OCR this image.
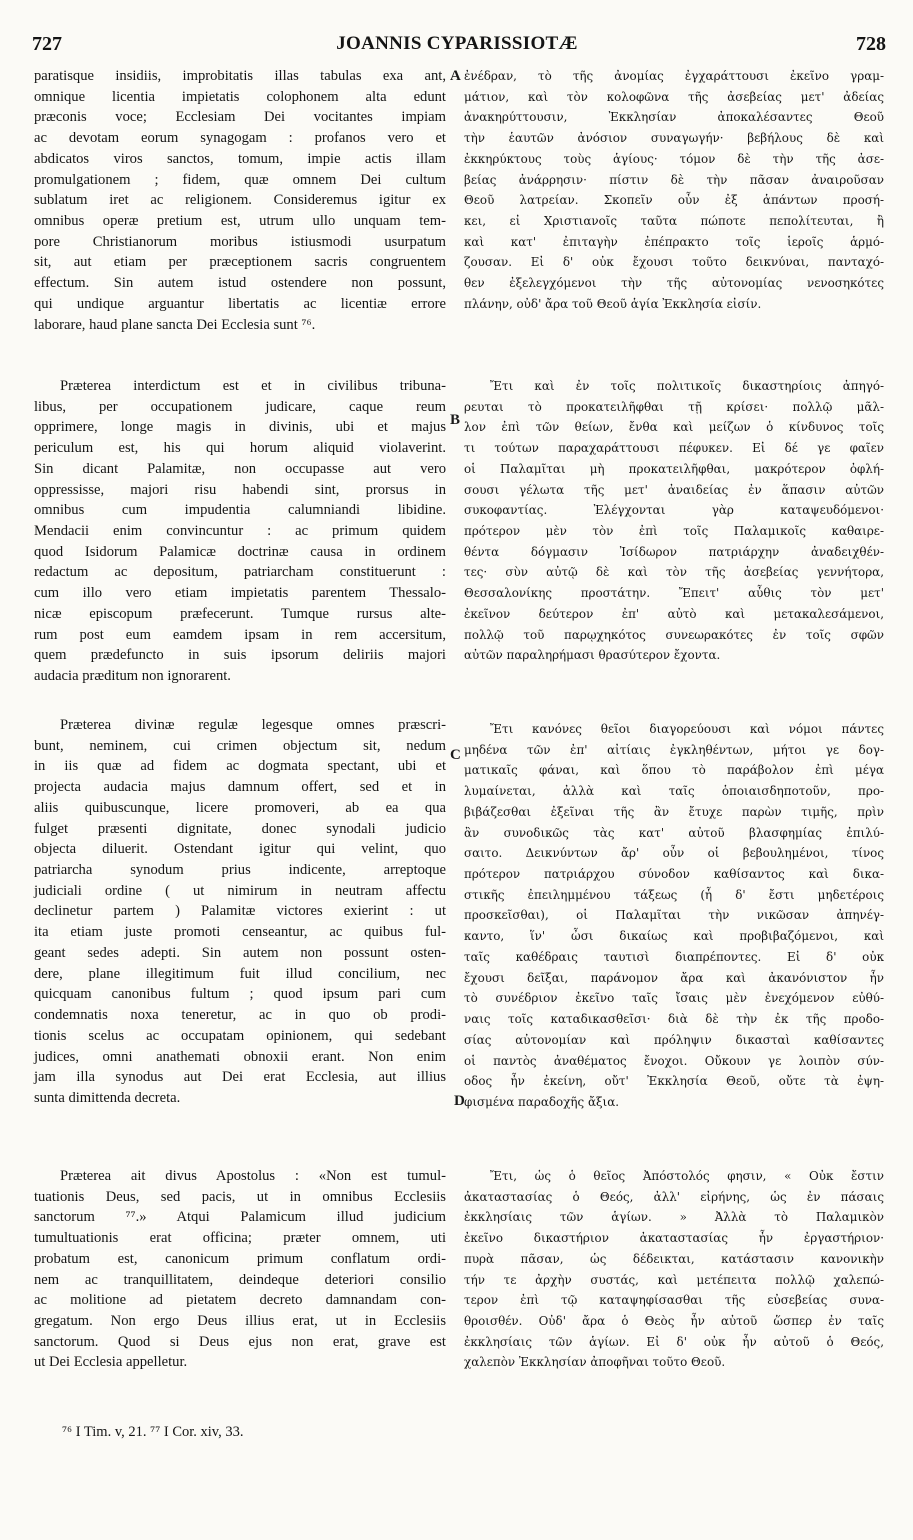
727	JOANNIS CYPARISSIOTÆ	728
A
B
C
D

paratisque insidiis, improbitatis illas tabulas exa ant,
omnique licentia impietatis colophonem alta edunt
præconis voce; Ecclesiam Dei vocitantes impiam
ac devotam eorum synagogam : profanos vero et
abdicatos viros sanctos, tomum, impie actis illam
promulgationem ; fidem, quæ omnem Dei cultum
sublatum iret ac religionem. Consideremus igitur ex
omnibus operæ pretium est, utrum ullo unquam tem-
pore Christianorum moribus istiusmodi usurpatum
sit, aut etiam per præceptionem sacris congruentem
effectum. Sin autem istud ostendere non possunt,
qui undique arguantur libertatis ac licentiæ errore
laborare, haud plane sancta Dei Ecclesia sunt ⁷⁶.

Præterea interdictum est et in civilibus tribuna-
libus, per occupationem judicare, caque reum
opprimere, longe magis in divinis, ubi et majus
periculum est, his qui horum aliquid violaverint.
Sin dicant Palamitæ, non occupasse aut vero
oppressisse, majori risu habendi sint, prorsus in
omnibus cum impudentia calumniandi libidine.
Mendacii enim convincuntur : ac primum quidem
quod Isidorum Palamicæ doctrinæ causa in ordinem
redactum ac depositum, patriarcham constituerunt :
cum illo vero etiam impietatis parentem Thessalo-
nicæ episcopum præfecerunt. Tumque rursus alte-
rum post eum eamdem ipsam in rem accersitum,
quem prædefuncto in suis ipsorum deliriis majori
audacia præditum non ignorarent.

Præterea divinæ regulæ legesque omnes præscri-
bunt, neminem, cui crimen objectum sit, nedum
in iis quæ ad fidem ac dogmata spectant, ubi et
projecta audacia majus damnum offert, sed et in
aliis quibuscunque, licere promoveri, ab ea qua
fulget præsenti dignitate, donec synodali judicio
objecta diluerit. Ostendant igitur qui velint, quo
patriarcha synodum prius indicente, arreptoque
judiciali ordine ( ut nimirum in neutram affectu
declinetur partem ) Palamitæ victores exierint : ut
ita etiam juste promoti censeantur, ac quibus ful-
geant sedes adepti. Sin autem non possunt osten-
dere, plane illegitimum fuit illud concilium, nec
quicquam canonibus fultum ; quod ipsum pari cum
condemnatis noxa teneretur, ac in quo ob prodi-
tionis scelus ac occupatam opinionem, qui sedebant
judices, omni anathemati obnoxii erant. Non enim
jam illa synodus aut Dei erat Ecclesia, aut illius
sunta dimittenda decreta.

Præterea ait divus Apostolus : «Non est tumul-
tuationis Deus, sed pacis, ut in omnibus Ecclesiis
sanctorum ⁷⁷.» Atqui Palamicum illud judicium
tumultuationis erat officina; præter omnem, uti
probatum est, canonicum primum conflatum ordi-
nem ac tranquillitatem, deindeque deteriori consilio
ac molitione ad pietatem decreto damnandam con-
gregatum. Non ergo Deus illius erat, ut in Ecclesiis
sanctorum. Quod si Deus ejus non erat, grave est
ut Dei Ecclesia appelletur.

ἐνέδραν, τὸ τῆς ἀνομίας ἐγχαράττουσι ἐκεῖνο γραμ-
μάτιον, καὶ τὸν κολοφῶνα τῆς ἀσεβείας μετ' ἀδείας
ἀνακηρύττουσιν, Ἐκκλησίαν ἀποκαλέσαντες Θεοῦ
τὴν ἑαυτῶν ἀνόσιον συναγωγήν· βεβήλους δὲ καὶ
ἐκκηρύκτους τοὺς ἁγίους· τόμον δὲ τὴν τῆς ἀσε-
βείας ἀνάρρησιν· πίστιν δὲ τὴν πᾶσαν ἀναιροῦσαν
Θεοῦ λατρείαν. Σκοπεῖν οὖν ἐξ ἁπάντων προσή-
κει, εἰ Χριστιανοῖς ταῦτα πώποτε πεπολίτευται, ἢ
καὶ κατ' ἐπιταγὴν ἐπέπρακτο τοῖς ἱεροῖς ἁρμό-
ζουσαν. Εἰ δ' οὐκ ἔχουσι τοῦτο δεικνύναι, πανταχό-
θεν ἐξελεγχόμενοι τὴν τῆς αὐτονομίας νενοσηκότες
πλάνην, οὐδ' ἄρα τοῦ Θεοῦ ἁγία Ἐκκλησία εἰσίν.

Ἔτι καὶ ἐν τοῖς πολιτικοῖς δικαστηρίοις ἀπηγό-
ρευται τὸ προκατειλῆφθαι τῇ κρίσει· πολλῷ μᾶλ-
λον ἐπὶ τῶν θείων, ἔνθα καὶ μείζων ὁ κίνδυνος τοῖς
τι τούτων παραχαράττουσι πέφυκεν. Εἰ δέ γε φαῖεν
οἱ Παλαμῖται μὴ προκατειλῆφθαι, μακρότερον ὀφλή-
σουσι γέλωτα τῆς μετ' ἀναιδείας ἐν ἅπασιν αὐτῶν
συκοφαντίας. Ἐλέγχονται γὰρ καταψευδόμενοι·
πρότερον μὲν τὸν ἐπὶ τοῖς Παλαμικοῖς καθαιρε-
θέντα δόγμασιν Ἰσίδωρον πατριάρχην ἀναδειχθέν-
τες· σὺν αὐτῷ δὲ καὶ τὸν τῆς ἀσεβείας γεννήτορα,
Θεσσαλονίκης προστάτην. Ἔπειτ' αὖθις τὸν μετ'
ἐκεῖνον δεύτερον ἐπ' αὐτὸ καὶ μετακαλεσάμενοι,
πολλῷ τοῦ παρῳχηκότος συνεωρακότες ἐν τοῖς σφῶν
αὐτῶν παραληρήμασι θρασύτερον ἔχοντα.

Ἔτι κανόνες θεῖοι διαγορεύουσι καὶ νόμοι πάντες
μηδένα τῶν ἐπ' αἰτίαις ἐγκληθέντων, μήτοι γε δογ-
ματικαῖς φάναι, καὶ ὅπου τὸ παράβολον ἐπὶ μέγα
λυμαίνεται, ἀλλὰ καὶ ταῖς ὁποιαισδηποτοῦν, προ-
βιβάζεσθαι ἐξεῖναι τῆς ἂν ἔτυχε παρὼν τιμῆς, πρὶν
ἂν συνοδικῶς τὰς κατ' αὐτοῦ βλασφημίας ἐπιλύ-
σαιτο. Δεικνύντων ἄρ' οὖν οἱ βεβουλημένοι, τίνος
πρότερον πατριάρχου σύνοδον καθίσαντος καὶ δικα-
στικῆς ἐπειλημμένου τάξεως (ἧ δ' ἔστι μηδετέροις
προσκεῖσθαι), οἱ Παλαμῖται τὴν νικῶσαν ἀπηνέγ-
καντο, ἵν' ὦσι δικαίως καὶ προβιβαζόμενοι, καὶ
ταῖς καθέδραις ταυτισὶ διαπρέποντες. Εἰ δ' οὐκ
ἔχουσι δεῖξαι, παράνομον ἄρα καὶ ἀκανόνιστον ἦν
τὸ συνέδριον ἐκεῖνο ταῖς ἴσαις μὲν ἐνεχόμενον εὐθύ-
ναις τοῖς καταδικασθεῖσι· διὰ δὲ τὴν ἐκ τῆς προδο-
σίας αὐτονομίαν καὶ πρόληψιν δικασταὶ καθίσαντες
οἱ παντὸς ἀναθέματος ἔνοχοι. Οὔκουν γε λοιπὸν σύν-
οδος ἦν ἐκείνη, οὔτ' Ἐκκλησία Θεοῦ, οὔτε τὰ ἐψη-
φισμένα παραδοχῆς ἄξια.

Ἔτι, ὡς ὁ θεῖος Ἀπόστολός φησιν, « Οὐκ ἔστιν
ἀκαταστασίας ὁ Θεός, ἀλλ' εἰρήνης, ὡς ἐν πάσαις
ἐκκλησίαις τῶν ἁγίων. » Ἀλλὰ τὸ Παλαμικὸν
ἐκεῖνο δικαστήριον ἀκαταστασίας ἦν ἐργαστήριον·
πυρὰ πᾶσαν, ὡς δέδεικται, κατάστασιν κανονικὴν
τήν τε ἀρχὴν συστάς, καὶ μετέπειτα πολλῷ χαλεπώ-
τερον ἐπὶ τῷ καταψηφίσασθαι τῆς εὐσεβείας συνα-
θροισθέν. Οὐδ' ἄρα ὁ Θεὸς ἦν αὐτοῦ ὥσπερ ἐν ταῖς
ἐκκλησίαις τῶν ἁγίων. Εἰ δ' οὐκ ἦν αὐτοῦ ὁ Θεός,
χαλεπὸν Ἐκκλησίαν ἀποφῆναι τοῦτο Θεοῦ.

⁷⁶ I Tim. v, 21. ⁷⁷ I Cor. xiv, 33.
